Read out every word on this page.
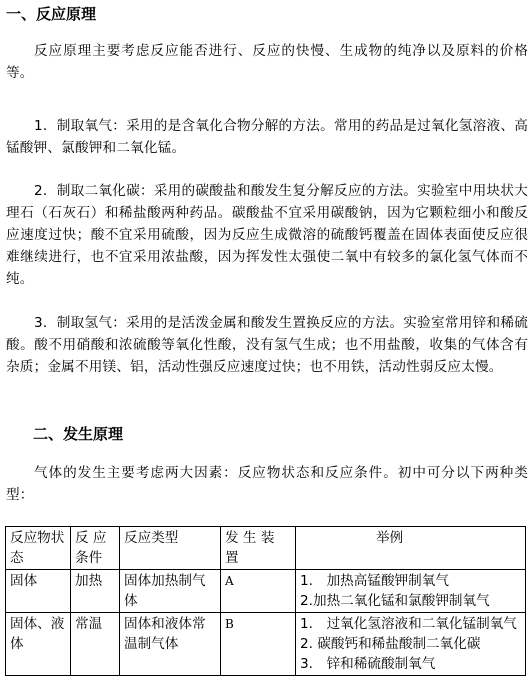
一、反应原理

反应原理主要考虑反应能否进行、反应的快慢、生成物的纯净以及原料的价格等。

1．制取氧气：采用的是含氧化合物分解的方法。常用的药品是过氧化氢溶液、高锰酸钾、氯酸钾和二氧化锰。

2．制取二氧化碳：采用的碳酸盐和酸发生复分解反应的方法。实验室中用块状大理石（石灰石）和稀盐酸两种药品。碳酸盐不宜采用碳酸钠，因为它颗粒细小和酸反应速度过快；酸不宜采用硫酸，因为反应生成微溶的硫酸钙覆盖在固体表面使反应很难继续进行，也不宜采用浓盐酸，因为挥发性太强使二氧中有较多的氯化氢气体而不纯。

3．制取氢气：采用的是活泼金属和酸发生置换反应的方法。实验室常用锌和稀硫酸。酸不用硝酸和浓硫酸等氧化性酸，没有氢气生成；也不用盐酸，收集的气体含有杂质；金属不用镁、铝，活动性强反应速度过快；也不用铁，活动性弱反应太慢。

二、发生原理

气体的发生主要考虑两大因素：反应物状态和反应条件。初中可分以下两种类型：

反应物状态	反 应 条件	反应类型	发 生 装 置	举例
固体	加热	固体加热制气体	A	1.　加热高锰酸钾制氧气
2.加热二氧化锰和氯酸钾制氧气

固体、液体	常温	固体和液体常温制气体	B	1.　过氧化氢溶液和二氧化锰制氧气
2. 碳酸钙和稀盐酸制二氧化碳
3.　锌和稀硫酸制氧气
